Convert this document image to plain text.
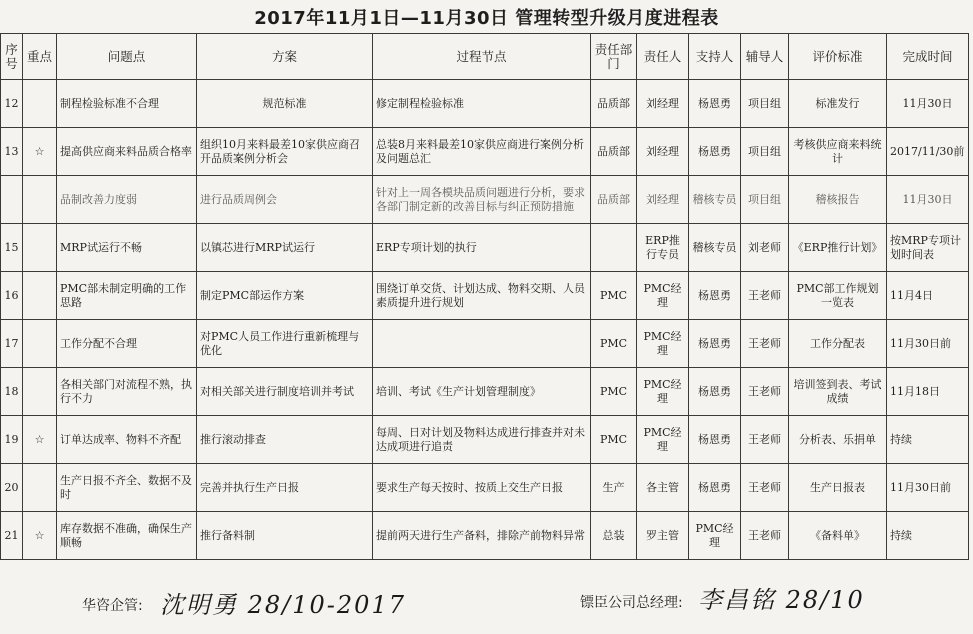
2017年11月1日—11月30日 管理转型升级月度进程表
序号	重点	问题点	方案	过程节点	责任部门	责任人	支持人	辅导人	评价标准	完成时间
12		制程检验标准不合理	规范标准	修定制程检验标准	品质部	刘经理	杨恩勇	项目组	标准发行	11月30日
13	☆	提高供应商来料品质合格率	组织10月来料最差10家供应商召开品质案例分析会	总装8月来料最差10家供应商进行案例分析及问题总汇	品质部	刘经理	杨恩勇	项目组	考核供应商来料统计	2017/11/30前
		品制改善力度弱	进行品质周例会	针对上一周各模块品质问题进行分析，要求各部门制定新的改善目标与纠正预防措施	品质部	刘经理	稽核专员	项目组	稽核报告	11月30日
15		MRP试运行不畅	以镇芯进行MRP试运行	ERP专项计划的执行		ERP推行专员	稽核专员	刘老师	《ERP推行计划》	按MRP专项计划时间表
16		PMC部未制定明确的工作思路	制定PMC部运作方案	围绕订单交货、计划达成、物料交期、人员素质提升进行规划	PMC	PMC经理	杨恩勇	王老师	PMC部工作规划一览表	11月4日
17		工作分配不合理	对PMC人员工作进行重新梳理与优化		PMC	PMC经理	杨恩勇	王老师	工作分配表	11月30日前
18		各相关部门对流程不熟，执行不力	对相关部关进行制度培训并考试	培训、考试《生产计划管理制度》	PMC	PMC经理	杨恩勇	王老师	培训签到表、考试成绩	11月18日
19	☆	订单达成率、物料不齐配	推行滚动排查	每周、日对计划及物料达成进行排查并对未达成项进行追责	PMC	PMC经理	杨恩勇	王老师	分析表、乐捐单	持续
20		生产日报不齐全、数据不及时	完善并执行生产日报	要求生产每天按时、按质上交生产日报	生产	各主管	杨恩勇	王老师	生产日报表	11月30日前
21	☆	库存数据不准确，确保生产顺畅	推行备料制	提前两天进行生产备料，排除产前物料异常	总装	罗主管	PMC经理	王老师	《备料单》	持续
华咨企管: 沈明勇 28/10-2017	镖臣公司总经理: 李昌铭 28/10
